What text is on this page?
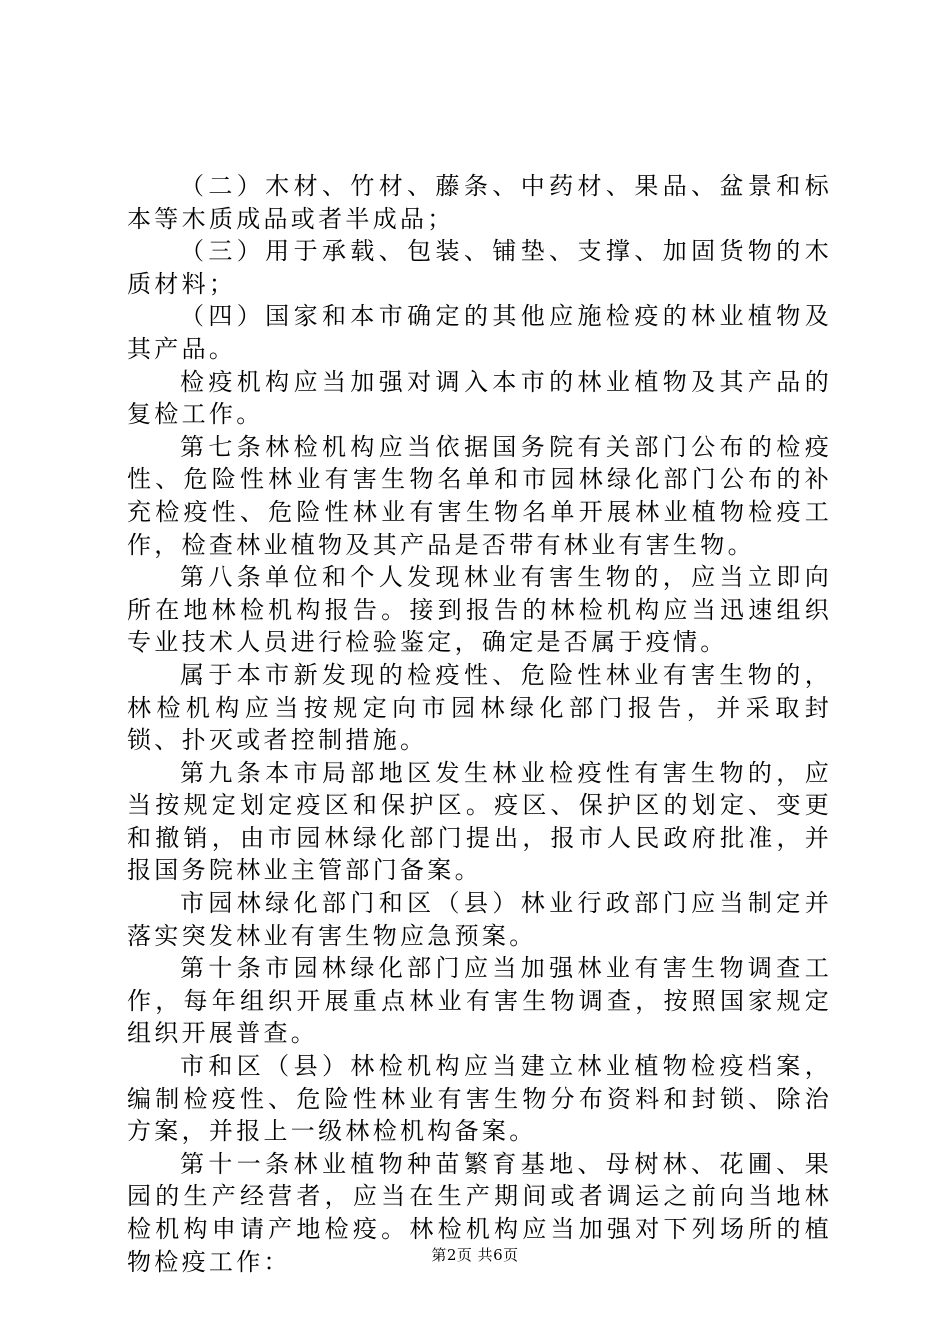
（二）木材、竹材、藤条、中药材、果品、盆景和标本等木质成品或者半成品；

（三）用于承载、包装、铺垫、支撑、加固货物的木质材料；

（四）国家和本市确定的其他应施检疫的林业植物及其产品。

检疫机构应当加强对调入本市的林业植物及其产品的复检工作。

第七条林检机构应当依据国务院有关部门公布的检疫性、危险性林业有害生物名单和市园林绿化部门公布的补充检疫性、危险性林业有害生物名单开展林业植物检疫工作，检查林业植物及其产品是否带有林业有害生物。

第八条单位和个人发现林业有害生物的，应当立即向所在地林检机构报告。接到报告的林检机构应当迅速组织专业技术人员进行检验鉴定，确定是否属于疫情。

属于本市新发现的检疫性、危险性林业有害生物的，林检机构应当按规定向市园林绿化部门报告，并采取封锁、扑灭或者控制措施。

第九条本市局部地区发生林业检疫性有害生物的，应当按规定划定疫区和保护区。疫区、保护区的划定、变更和撤销，由市园林绿化部门提出，报市人民政府批准，并报国务院林业主管部门备案。

市园林绿化部门和区（县）林业行政部门应当制定并落实突发林业有害生物应急预案。

第十条市园林绿化部门应当加强林业有害生物调查工作，每年组织开展重点林业有害生物调查，按照国家规定组织开展普查。

市和区（县）林检机构应当建立林业植物检疫档案，编制检疫性、危险性林业有害生物分布资料和封锁、除治方案，并报上一级林检机构备案。

第十一条林业植物种苗繁育基地、母树林、花圃、果园的生产经营者，应当在生产期间或者调运之前向当地林检机构申请产地检疫。林检机构应当加强对下列场所的植物检疫工作：	第2页 共6页
